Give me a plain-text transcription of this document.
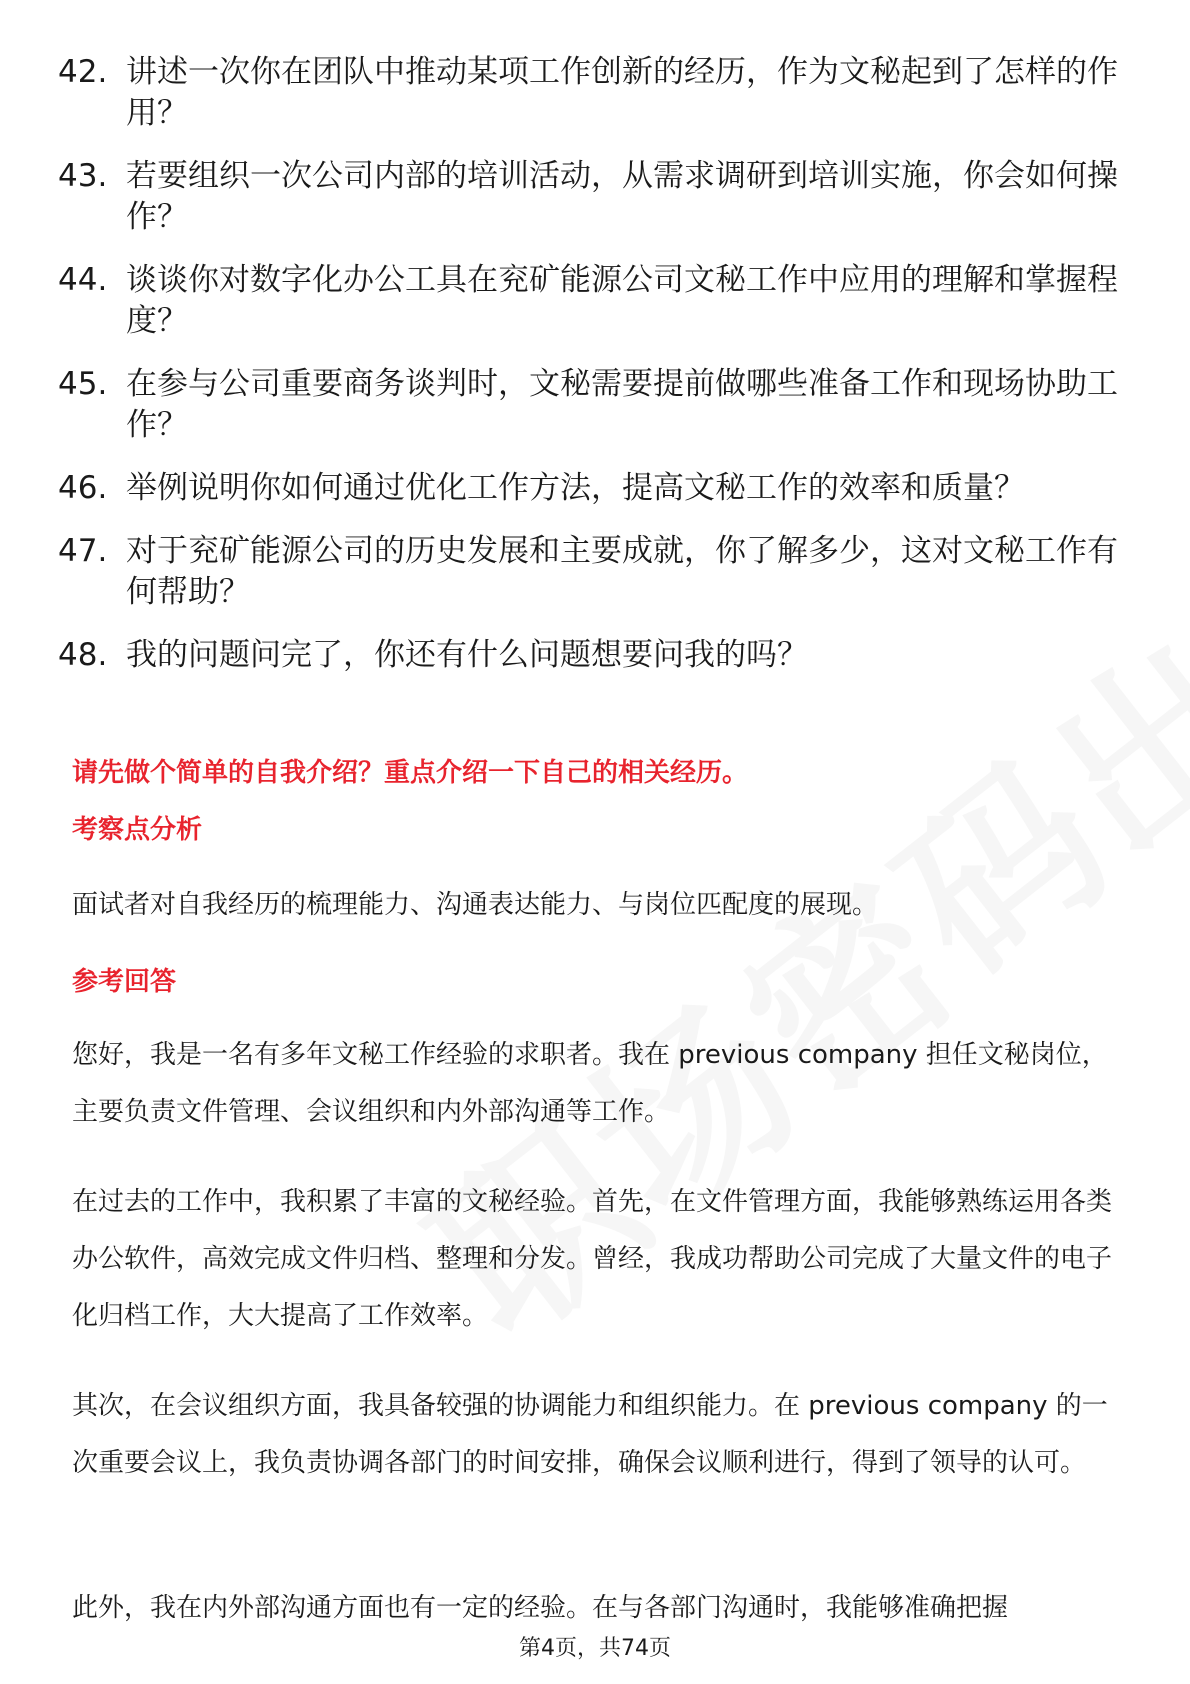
42. 讲述一次你在团队中推动某项工作创新的经历，作为文秘起到了怎样的作用？
43. 若要组织一次公司内部的培训活动，从需求调研到培训实施，你会如何操作？
44. 谈谈你对数字化办公工具在兖矿能源公司文秘工作中应用的理解和掌握程度？
45. 在参与公司重要商务谈判时，文秘需要提前做哪些准备工作和现场协助工作？
46. 举例说明你如何通过优化工作方法，提高文秘工作的效率和质量？
47. 对于兖矿能源公司的历史发展和主要成就，你了解多少，这对文秘工作有何帮助？
48. 我的问题问完了，你还有什么问题想要问我的吗？
请先做个简单的自我介绍？重点介绍一下自己的相关经历。
考察点分析
面试者对自我经历的梳理能力、沟通表达能力、与岗位匹配度的展现。
参考回答
您好，我是一名有多年文秘工作经验的求职者。我在 previous company 担任文秘岗位，主要负责文件管理、会议组织和内外部沟通等工作。
在过去的工作中，我积累了丰富的文秘经验。首先，在文件管理方面，我能够熟练运用各类办公软件，高效完成文件归档、整理和分发。曾经，我成功帮助公司完成了大量文件的电子化归档工作，大大提高了工作效率。
其次，在会议组织方面，我具备较强的协调能力和组织能力。在 previous company 的一次重要会议上，我负责协调各部门的时间安排，确保会议顺利进行，得到了领导的认可。
此外，我在内外部沟通方面也有一定的经验。在与各部门沟通时，我能够准确把握
第4页，共74页
